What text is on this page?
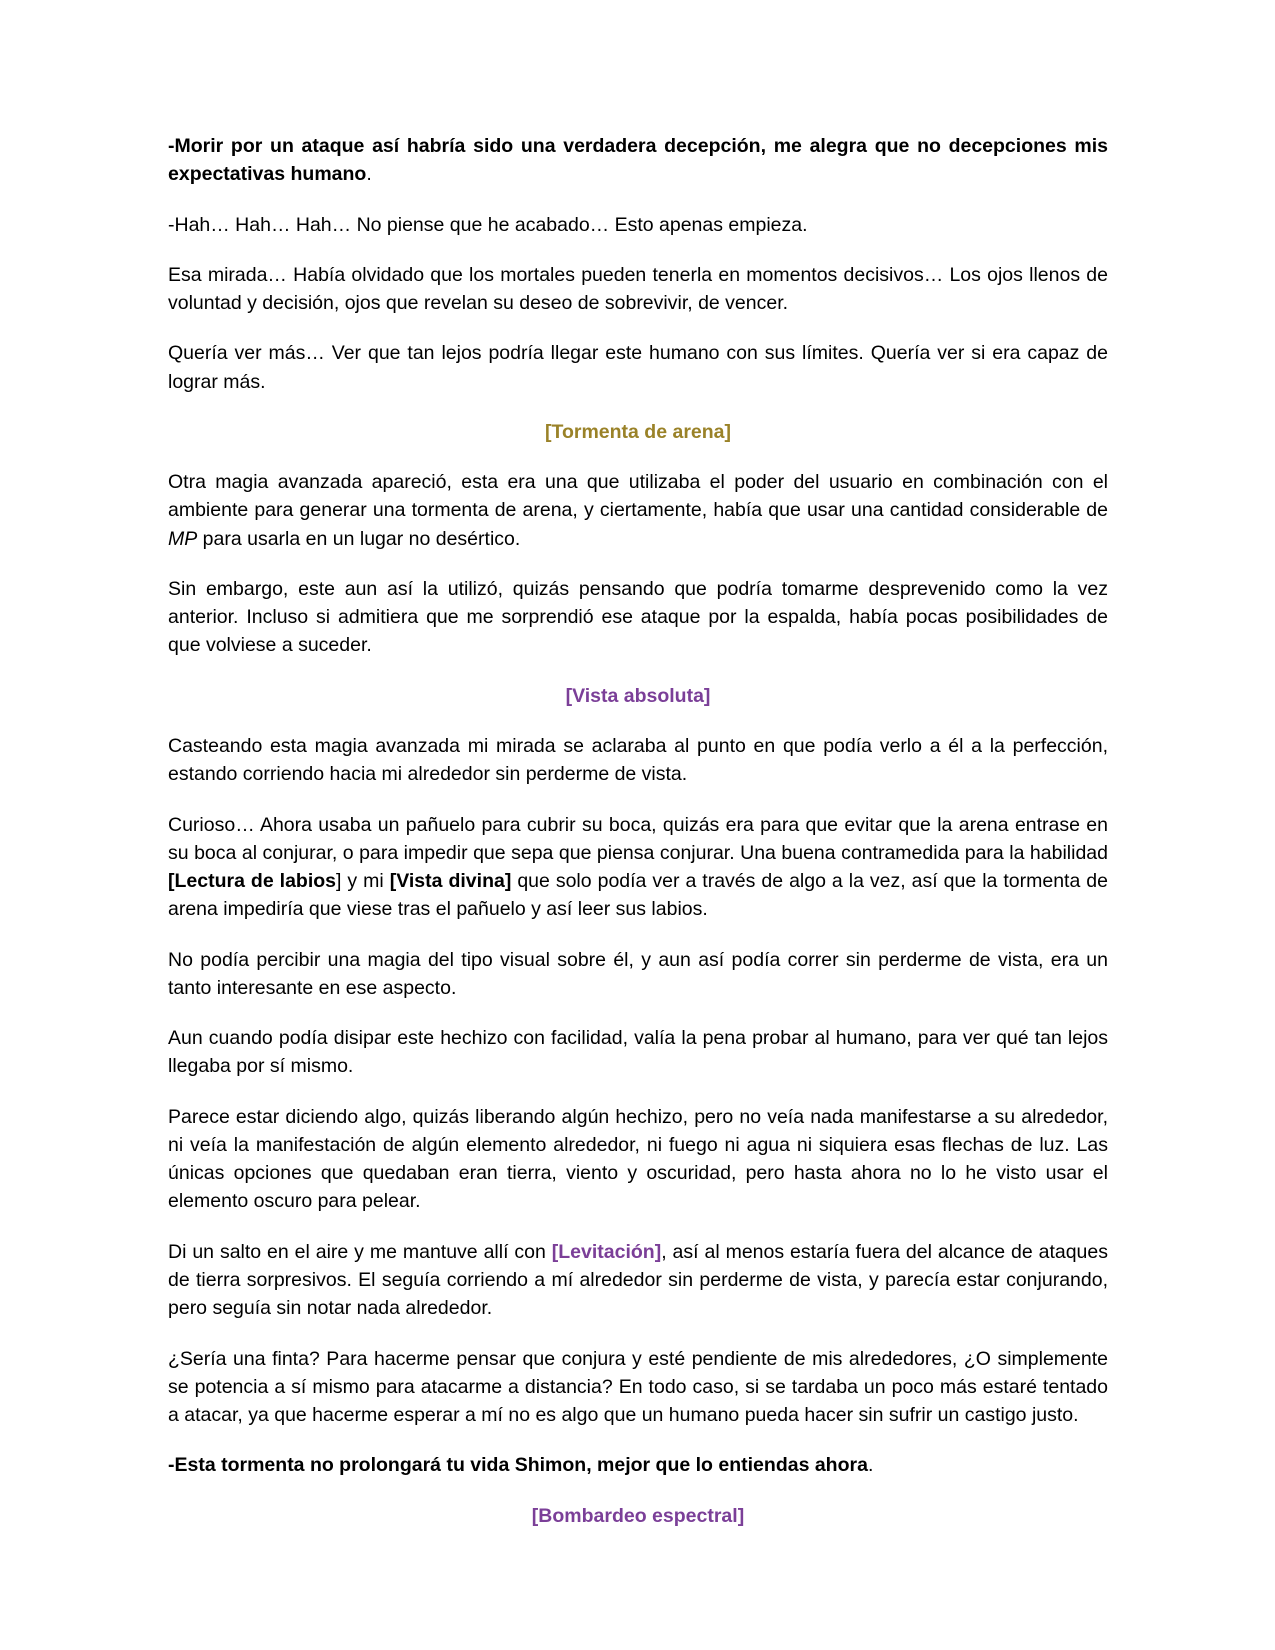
-Morir por un ataque así habría sido una verdadera decepción, me alegra que no decepciones mis expectativas humano.

-Hah… Hah… Hah… No piense que he acabado… Esto apenas empieza.

Esa mirada… Había olvidado que los mortales pueden tenerla en momentos decisivos… Los ojos llenos de voluntad y decisión, ojos que revelan su deseo de sobrevivir, de vencer.

Quería ver más… Ver que tan lejos podría llegar este humano con sus límites. Quería ver si era capaz de lograr más.

[Tormenta de arena]

Otra magia avanzada apareció, esta era una que utilizaba el poder del usuario en combinación con el ambiente para generar una tormenta de arena, y ciertamente, había que usar una cantidad considerable de MP para usarla en un lugar no desértico.

Sin embargo, este aun así la utilizó, quizás pensando que podría tomarme desprevenido como la vez anterior. Incluso si admitiera que me sorprendió ese ataque por la espalda, había pocas posibilidades de que volviese a suceder.

[Vista absoluta]

Casteando esta magia avanzada mi mirada se aclaraba al punto en que podía verlo a él a la perfección, estando corriendo hacia mi alrededor sin perderme de vista.

Curioso… Ahora usaba un pañuelo para cubrir su boca, quizás era para que evitar que la arena entrase en su boca al conjurar, o para impedir que sepa que piensa conjurar. Una buena contramedida para la habilidad [Lectura de labios] y mi [Vista divina] que solo podía ver a través de algo a la vez, así que la tormenta de arena impediría que viese tras el pañuelo y así leer sus labios.

No podía percibir una magia del tipo visual sobre él, y aun así podía correr sin perderme de vista, era un tanto interesante en ese aspecto.

Aun cuando podía disipar este hechizo con facilidad, valía la pena probar al humano, para ver qué tan lejos llegaba por sí mismo.

Parece estar diciendo algo, quizás liberando algún hechizo, pero no veía nada manifestarse a su alrededor, ni veía la manifestación de algún elemento alrededor, ni fuego ni agua ni siquiera esas flechas de luz. Las únicas opciones que quedaban eran tierra, viento y oscuridad, pero hasta ahora no lo he visto usar el elemento oscuro para pelear.

Di un salto en el aire y me mantuve allí con [Levitación], así al menos estaría fuera del alcance de ataques de tierra sorpresivos. El seguía corriendo a mí alrededor sin perderme de vista, y parecía estar conjurando, pero seguía sin notar nada alrededor.

¿Sería una finta? Para hacerme pensar que conjura y esté pendiente de mis alrededores, ¿O simplemente se potencia a sí mismo para atacarme a distancia? En todo caso, si se tardaba un poco más estaré tentado a atacar, ya que hacerme esperar a mí no es algo que un humano pueda hacer sin sufrir un castigo justo.

-Esta tormenta no prolongará tu vida Shimon, mejor que lo entiendas ahora.

[Bombardeo espectral]
